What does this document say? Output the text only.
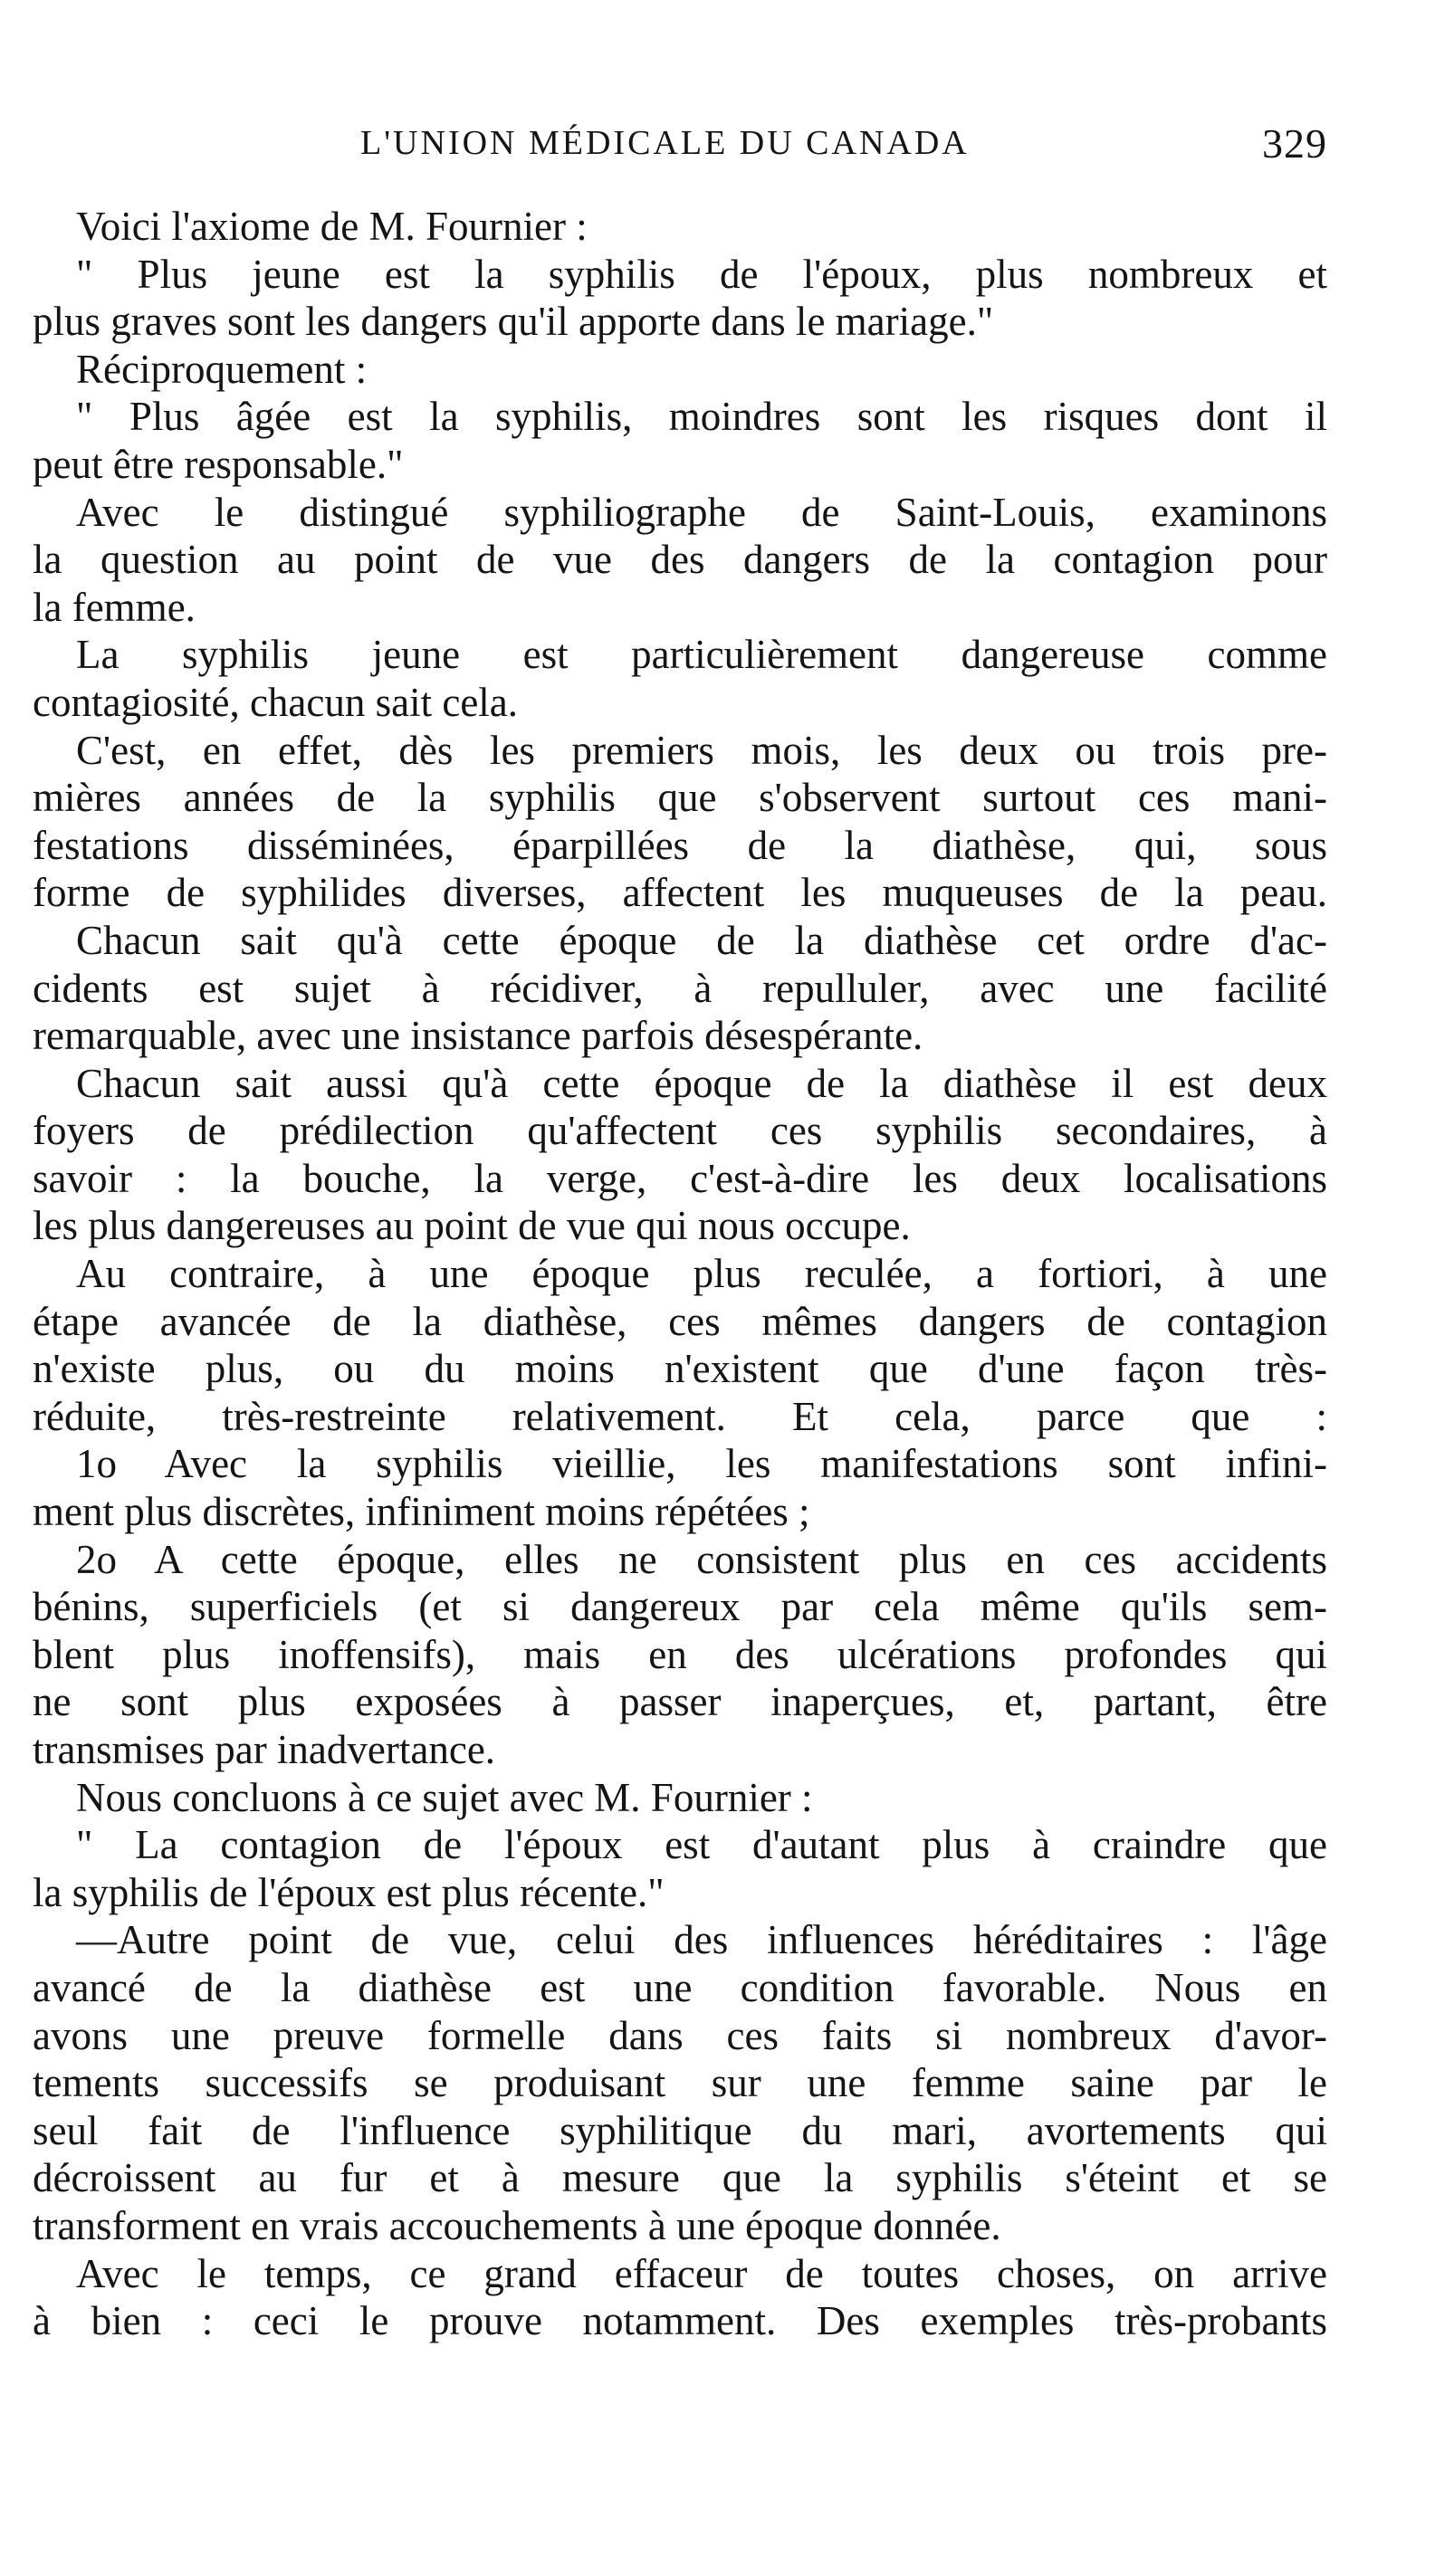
L'UNION MÉDICALE DU CANADA	329
Voici l'axiome de M. Fournier :
" Plus jeune est la syphilis de l'époux, plus nombreux et
plus graves sont les dangers qu'il apporte dans le mariage."
Réciproquement :
" Plus âgée est la syphilis, moindres sont les risques dont il
peut être responsable."
Avec le distingué syphiliographe de Saint-Louis, examinons
la question au point de vue des dangers de la contagion pour
la femme.
La syphilis jeune est particulièrement dangereuse comme
contagiosité, chacun sait cela.
C'est, en effet, dès les premiers mois, les deux ou trois pre-
mières années de la syphilis que s'observent surtout ces mani-
festations disséminées, éparpillées de la diathèse, qui, sous
forme de syphilides diverses, affectent les muqueuses de la peau.
Chacun sait qu'à cette époque de la diathèse cet ordre d'ac-
cidents est sujet à récidiver, à repulluler, avec une facilité
remarquable, avec une insistance parfois désespérante.
Chacun sait aussi qu'à cette époque de la diathèse il est deux
foyers de prédilection qu'affectent ces syphilis secondaires, à
savoir : la bouche, la verge, c'est-à-dire les deux localisations
les plus dangereuses au point de vue qui nous occupe.
Au contraire, à une époque plus reculée, a fortiori, à une
étape avancée de la diathèse, ces mêmes dangers de contagion
n'existe plus, ou du moins n'existent que d'une façon très-
réduite, très-restreinte relativement. Et cela, parce que :
1o Avec la syphilis vieillie, les manifestations sont infini-
ment plus discrètes, infiniment moins répétées ;
2o A cette époque, elles ne consistent plus en ces accidents
bénins, superficiels (et si dangereux par cela même qu'ils sem-
blent plus inoffensifs), mais en des ulcérations profondes qui
ne sont plus exposées à passer inaperçues, et, partant, être
transmises par inadvertance.
Nous concluons à ce sujet avec M. Fournier :
" La contagion de l'époux est d'autant plus à craindre que
la syphilis de l'époux est plus récente."
—Autre point de vue, celui des influences héréditaires : l'âge
avancé de la diathèse est une condition favorable. Nous en
avons une preuve formelle dans ces faits si nombreux d'avor-
tements successifs se produisant sur une femme saine par le
seul fait de l'influence syphilitique du mari, avortements qui
décroissent au fur et à mesure que la syphilis s'éteint et se
transforment en vrais accouchements à une époque donnée.
Avec le temps, ce grand effaceur de toutes choses, on arrive
à bien : ceci le prouve notamment. Des exemples très-probants
